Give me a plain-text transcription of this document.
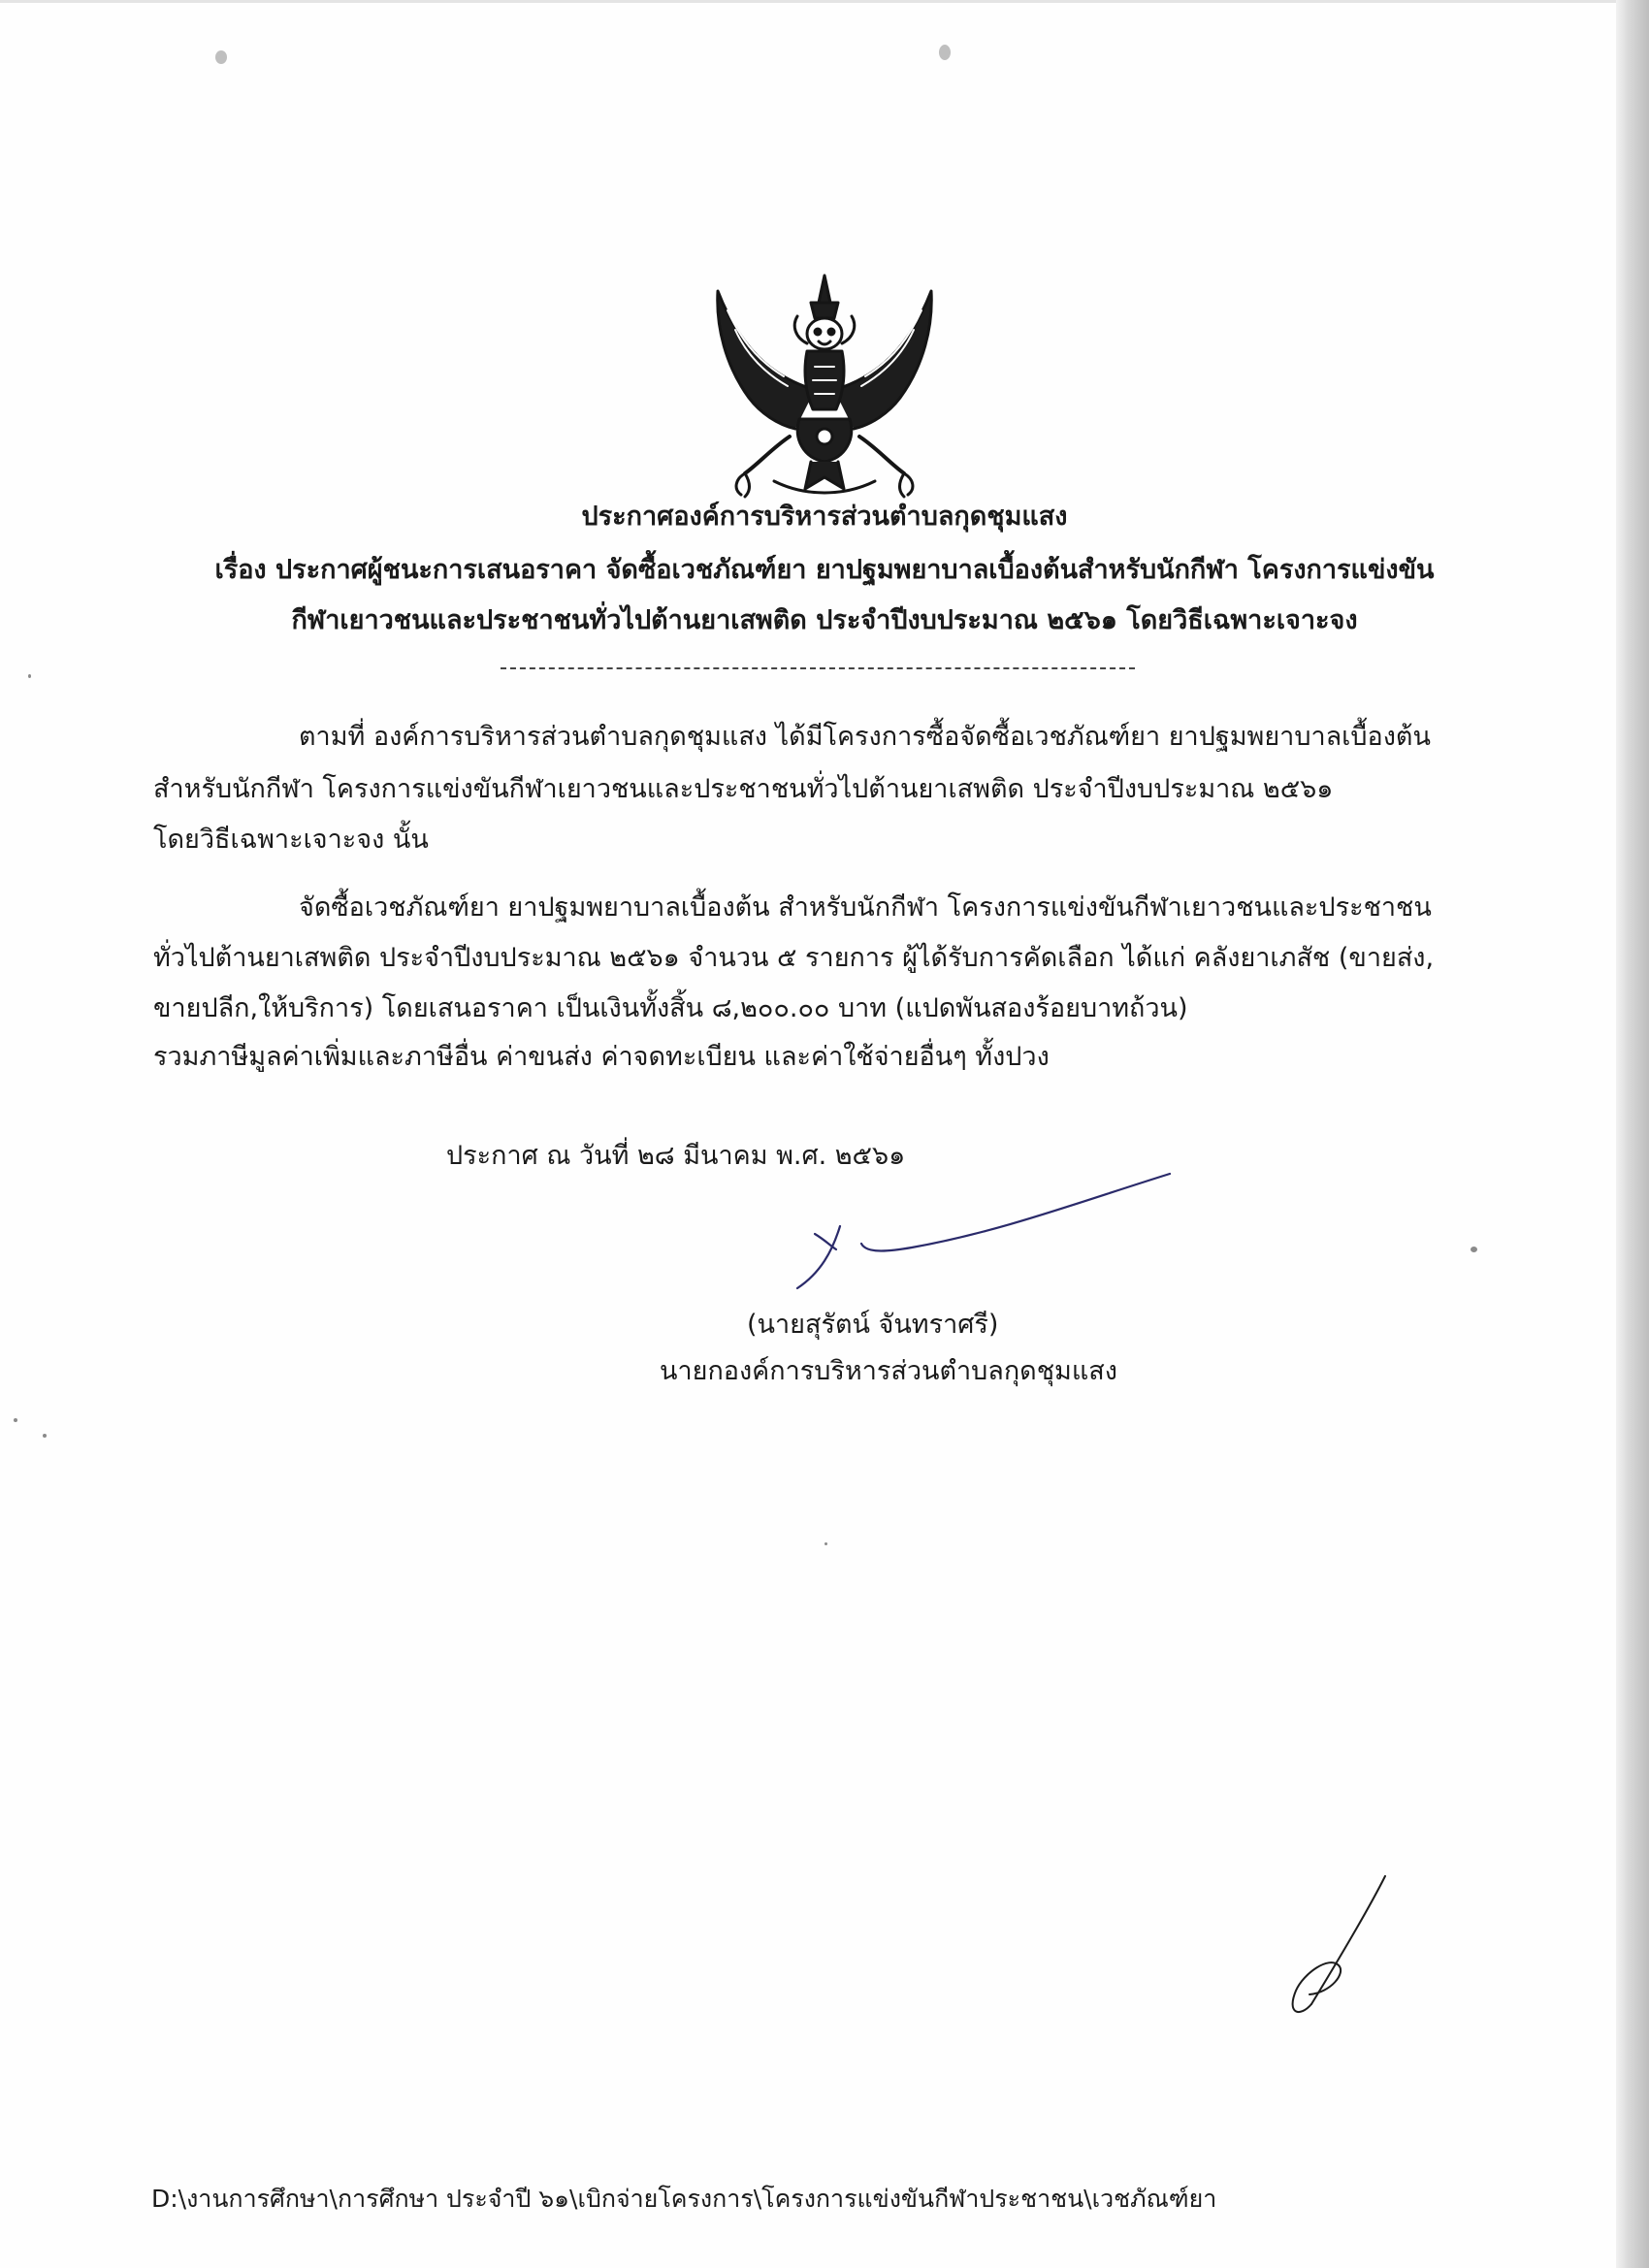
ประกาศองค์การบริหารส่วนตำบลกุดชุมแสง
เรื่อง ประกาศผู้ชนะการเสนอราคา จัดซื้อเวชภัณฑ์ยา ยาปฐมพยาบาลเบื้องต้นสำหรับนักกีฬา โครงการแข่งขัน
กีฬาเยาวชนและประชาชนทั่วไปต้านยาเสพติด ประจำปีงบประมาณ ๒๕๖๑ โดยวิธีเฉพาะเจาะจง
ตามที่ องค์การบริหารส่วนตำบลกุดชุมแสง ได้มีโครงการซื้อจัดซื้อเวชภัณฑ์ยา ยาปฐมพยาบาลเบื้องต้น
สำหรับนักกีฬา โครงการแข่งขันกีฬาเยาวชนและประชาชนทั่วไปต้านยาเสพติด ประจำปีงบประมาณ ๒๕๖๑
โดยวิธีเฉพาะเจาะจง นั้น
จัดซื้อเวชภัณฑ์ยา ยาปฐมพยาบาลเบื้องต้น สำหรับนักกีฬา โครงการแข่งขันกีฬาเยาวชนและประชาชน
ทั่วไปต้านยาเสพติด ประจำปีงบประมาณ ๒๕๖๑ จำนวน ๕ รายการ ผู้ได้รับการคัดเลือก ได้แก่ คลังยาเภสัช (ขายส่ง,
ขายปลีก,ให้บริการ) โดยเสนอราคา เป็นเงินทั้งสิ้น ๘,๒๐๐.๐๐ บาท (แปดพันสองร้อยบาทถ้วน)
รวมภาษีมูลค่าเพิ่มและภาษีอื่น ค่าขนส่ง ค่าจดทะเบียน และค่าใช้จ่ายอื่นๆ ทั้งปวง
ประกาศ ณ วันที่ ๒๘ มีนาคม พ.ศ. ๒๕๖๑
(นายสุรัตน์ จันทราศรี)
นายกองค์การบริหารส่วนตำบลกุดชุมแสง
D:\งานการศึกษา\การศึกษา ประจำปี ๖๑\เบิกจ่ายโครงการ\โครงการแข่งขันกีฬาประชาชน\เวชภัณฑ์ยา
